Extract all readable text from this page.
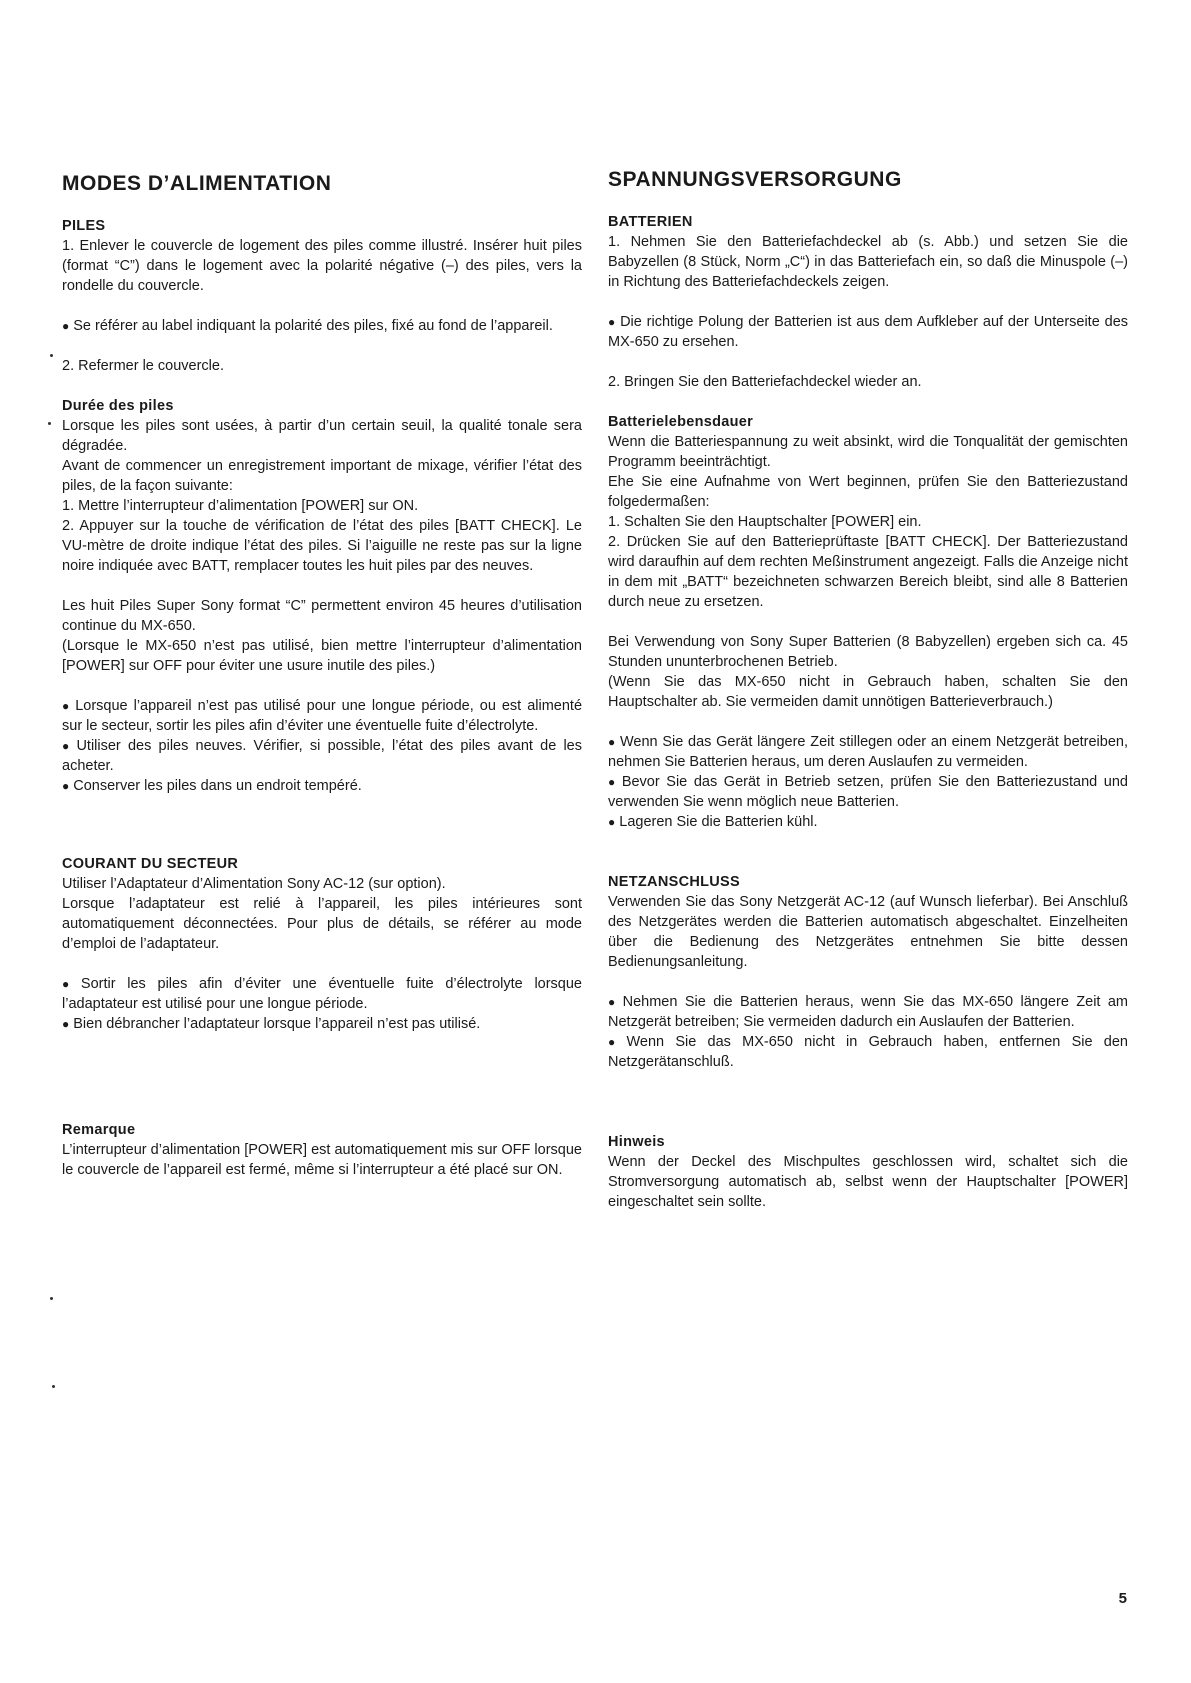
MODES D’ALIMENTATION
PILES

1. Enlever le couvercle de logement des piles comme illustré. Insérer huit piles (format “C”) dans le logement avec la polarité négative (–) des piles, vers la rondelle du couvercle.

● Se référer au label indiquant la polarité des piles, fixé au fond de l’appareil.

2. Refermer le couvercle.

Durée des piles

Lorsque les piles sont usées, à partir d’un certain seuil, la qualité tonale sera dégradée.

Avant de commencer un enregistrement important de mixage, vérifier l’état des piles, de la façon suivante:

1. Mettre l’interrupteur d’alimentation [POWER] sur ON.

2. Appuyer sur la touche de vérification de l’état des piles [BATT CHECK]. Le VU-mètre de droite indique l’état des piles. Si l’aiguille ne reste pas sur la ligne noire indiquée avec BATT, remplacer toutes les huit piles par des neuves.

Les huit Piles Super Sony format “C” permettent environ 45 heures d’utilisation continue du MX-650.

(Lorsque le MX-650 n’est pas utilisé, bien mettre l’interrupteur d’alimentation [POWER] sur OFF pour éviter une usure inutile des piles.)

● Lorsque l’appareil n’est pas utilisé pour une longue période, ou est alimenté sur le secteur, sortir les piles afin d’éviter une éventuelle fuite d’électrolyte.

● Utiliser des piles neuves. Vérifier, si possible, l’état des piles avant de les acheter.

● Conserver les piles dans un endroit tempéré.

COURANT DU SECTEUR

Utiliser l’Adaptateur d’Alimentation Sony AC-12 (sur option).

Lorsque l’adaptateur est relié à l’appareil, les piles intérieures sont automatiquement déconnectées. Pour plus de détails, se référer au mode d’emploi de l’adaptateur.

● Sortir les piles afin d’éviter une éventuelle fuite d’électrolyte lorsque l’adaptateur est utilisé pour une longue période.

● Bien débrancher l’adaptateur lorsque l’appareil n’est pas utilisé.

Remarque

L’interrupteur d’alimentation [POWER] est automatiquement mis sur OFF lorsque le couvercle de l’appareil est fermé, même si l’interrupteur a été placé sur ON.

SPANNUNGSVERSORGUNG
BATTERIEN

1. Nehmen Sie den Batteriefachdeckel ab (s. Abb.) und setzen Sie die Babyzellen (8 Stück, Norm „C“) in das Batteriefach ein, so daß die Minuspole (–) in Richtung des Batteriefachdeckels zeigen.

● Die richtige Polung der Batterien ist aus dem Aufkleber auf der Unterseite des MX-650 zu ersehen.

2. Bringen Sie den Batteriefachdeckel wieder an.

Batterielebensdauer

Wenn die Batteriespannung zu weit absinkt, wird die Tonqualität der gemischten Programm beeinträchtigt.

Ehe Sie eine Aufnahme von Wert beginnen, prüfen Sie den Batteriezustand folgedermaßen:

1. Schalten Sie den Hauptschalter [POWER] ein.

2. Drücken Sie auf den Batterieprüftaste [BATT CHECK]. Der Batteriezustand wird daraufhin auf dem rechten Meßinstrument angezeigt. Falls die Anzeige nicht in dem mit „BATT“ bezeichneten schwarzen Bereich bleibt, sind alle 8 Batterien durch neue zu ersetzen.

Bei Verwendung von Sony Super Batterien (8 Babyzellen) ergeben sich ca. 45 Stunden ununterbrochenen Betrieb.

(Wenn Sie das MX-650 nicht in Gebrauch haben, schalten Sie den Hauptschalter ab. Sie vermeiden damit unnötigen Batterieverbrauch.)

● Wenn Sie das Gerät längere Zeit stillegen oder an einem Netzgerät betreiben, nehmen Sie Batterien heraus, um deren Auslaufen zu vermeiden.

● Bevor Sie das Gerät in Betrieb setzen, prüfen Sie den Batteriezustand und verwenden Sie wenn möglich neue Batterien.

● Lageren Sie die Batterien kühl.

NETZANSCHLUSS

Verwenden Sie das Sony Netzgerät AC-12 (auf Wunsch lieferbar). Bei Anschluß des Netzgerätes werden die Batterien automatisch abgeschaltet. Einzelheiten über die Bedienung des Netzgerätes entnehmen Sie bitte dessen Bedienungsanleitung.

● Nehmen Sie die Batterien heraus, wenn Sie das MX-650 längere Zeit am Netzgerät betreiben; Sie vermeiden dadurch ein Auslaufen der Batterien.

● Wenn Sie das MX-650 nicht in Gebrauch haben, entfernen Sie den Netzgerätanschluß.

Hinweis

Wenn der Deckel des Mischpultes geschlossen wird, schaltet sich die Stromversorgung automatisch ab, selbst wenn der Hauptschalter [POWER] eingeschaltet sein sollte.

5
